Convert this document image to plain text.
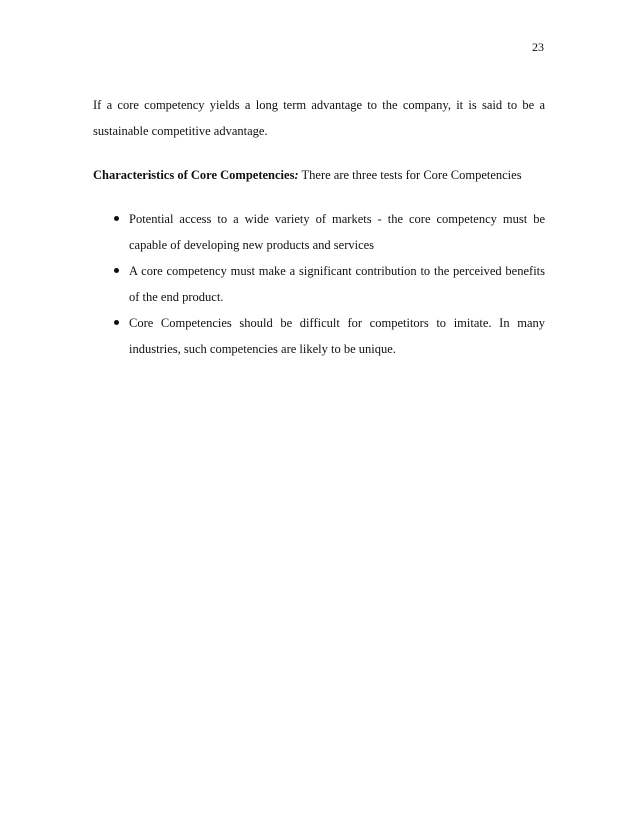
23

If a core competency yields a long term advantage to the company, it is said to be a sustainable competitive advantage.

Characteristics of Core Competencies: There are three tests for Core Competencies

Potential access to a wide variety of markets - the core competency must be capable of developing new products and services
A core competency must make a significant contribution to the perceived benefits of the end product.
Core Competencies should be difficult for competitors to imitate. In many industries, such competencies are likely to be unique.
